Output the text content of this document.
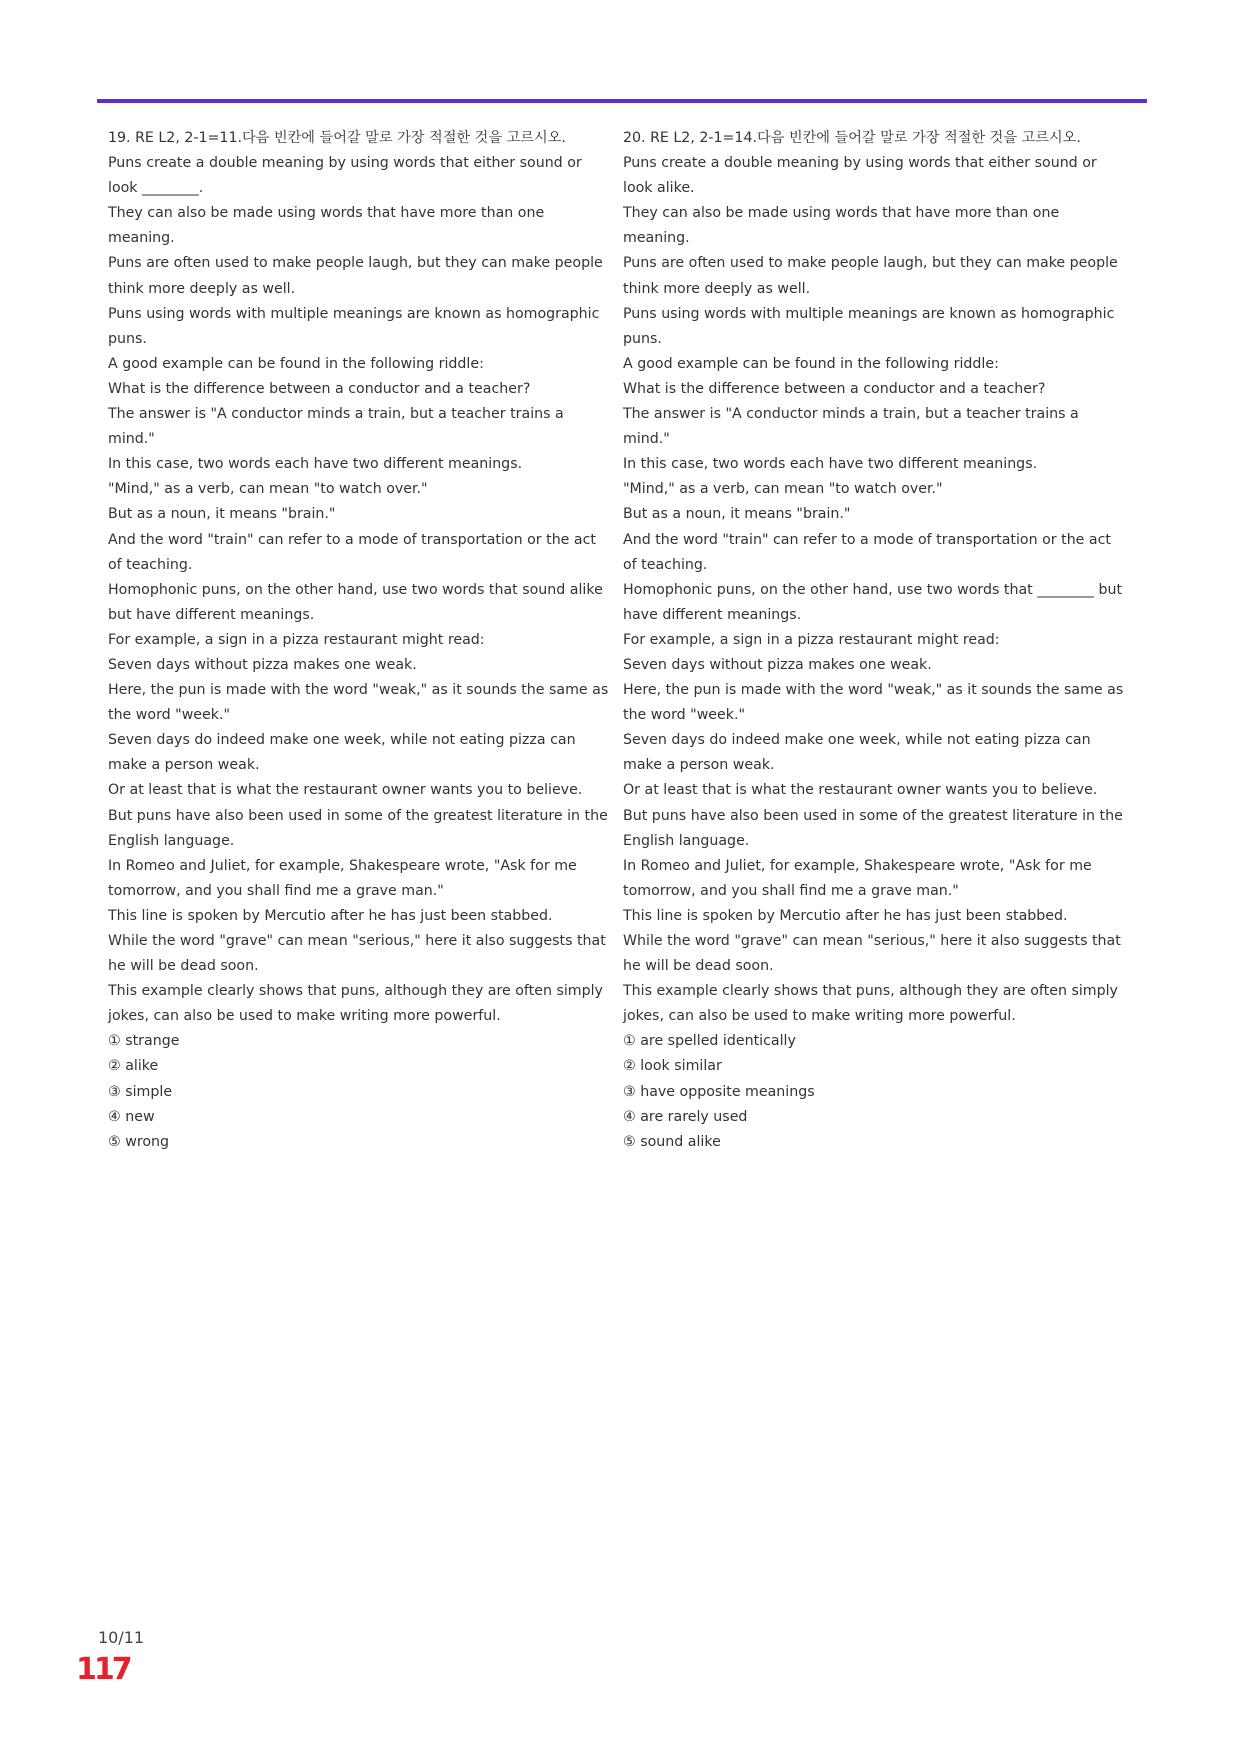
19. RE L2, 2-1=11.다음 빈칸에 들어갈 말로 가장 적절한 것을 고르시오.
Puns create a double meaning by using words that either sound or look ________.
They can also be made using words that have more than one meaning.
Puns are often used to make people laugh, but they can make people think more deeply as well.
Puns using words with multiple meanings are known as homographic puns.
A good example can be found in the following riddle:
What is the difference between a conductor and a teacher?
The answer is "A conductor minds a train, but a teacher trains a mind."
In this case, two words each have two different meanings.
"Mind," as a verb, can mean "to watch over."
But as a noun, it means "brain."
And the word "train" can refer to a mode of transportation or the act of teaching.
Homophonic puns, on the other hand, use two words that sound alike but have different meanings.
For example, a sign in a pizza restaurant might read:
Seven days without pizza makes one weak.
Here, the pun is made with the word "weak," as it sounds the same as the word "week."
Seven days do indeed make one week, while not eating pizza can make a person weak.
Or at least that is what the restaurant owner wants you to believe.
But puns have also been used in some of the greatest literature in the English language.
In Romeo and Juliet, for example, Shakespeare wrote, "Ask for me tomorrow, and you shall find me a grave man."
This line is spoken by Mercutio after he has just been stabbed.
While the word "grave" can mean "serious," here it also suggests that he will be dead soon.
This example clearly shows that puns, although they are often simply jokes, can also be used to make writing more powerful.
① strange
② alike
③ simple
④ new
⑤ wrong
20. RE L2, 2-1=14.다음 빈칸에 들어갈 말로 가장 적절한 것을 고르시오.
Puns create a double meaning by using words that either sound or look alike.
They can also be made using words that have more than one meaning.
Puns are often used to make people laugh, but they can make people think more deeply as well.
Puns using words with multiple meanings are known as homographic puns.
A good example can be found in the following riddle:
What is the difference between a conductor and a teacher?
The answer is "A conductor minds a train, but a teacher trains a mind."
In this case, two words each have two different meanings.
"Mind," as a verb, can mean "to watch over."
But as a noun, it means "brain."
And the word "train" can refer to a mode of transportation or the act of teaching.
Homophonic puns, on the other hand, use two words that ________ but have different meanings.
For example, a sign in a pizza restaurant might read:
Seven days without pizza makes one weak.
Here, the pun is made with the word "weak," as it sounds the same as the word "week."
Seven days do indeed make one week, while not eating pizza can make a person weak.
Or at least that is what the restaurant owner wants you to believe.
But puns have also been used in some of the greatest literature in the English language.
In Romeo and Juliet, for example, Shakespeare wrote, "Ask for me tomorrow, and you shall find me a grave man."
This line is spoken by Mercutio after he has just been stabbed.
While the word "grave" can mean "serious," here it also suggests that he will be dead soon.
This example clearly shows that puns, although they are often simply jokes, can also be used to make writing more powerful.
① are spelled identically
② look similar
③ have opposite meanings
④ are rarely used
⑤ sound alike
10/11
117
